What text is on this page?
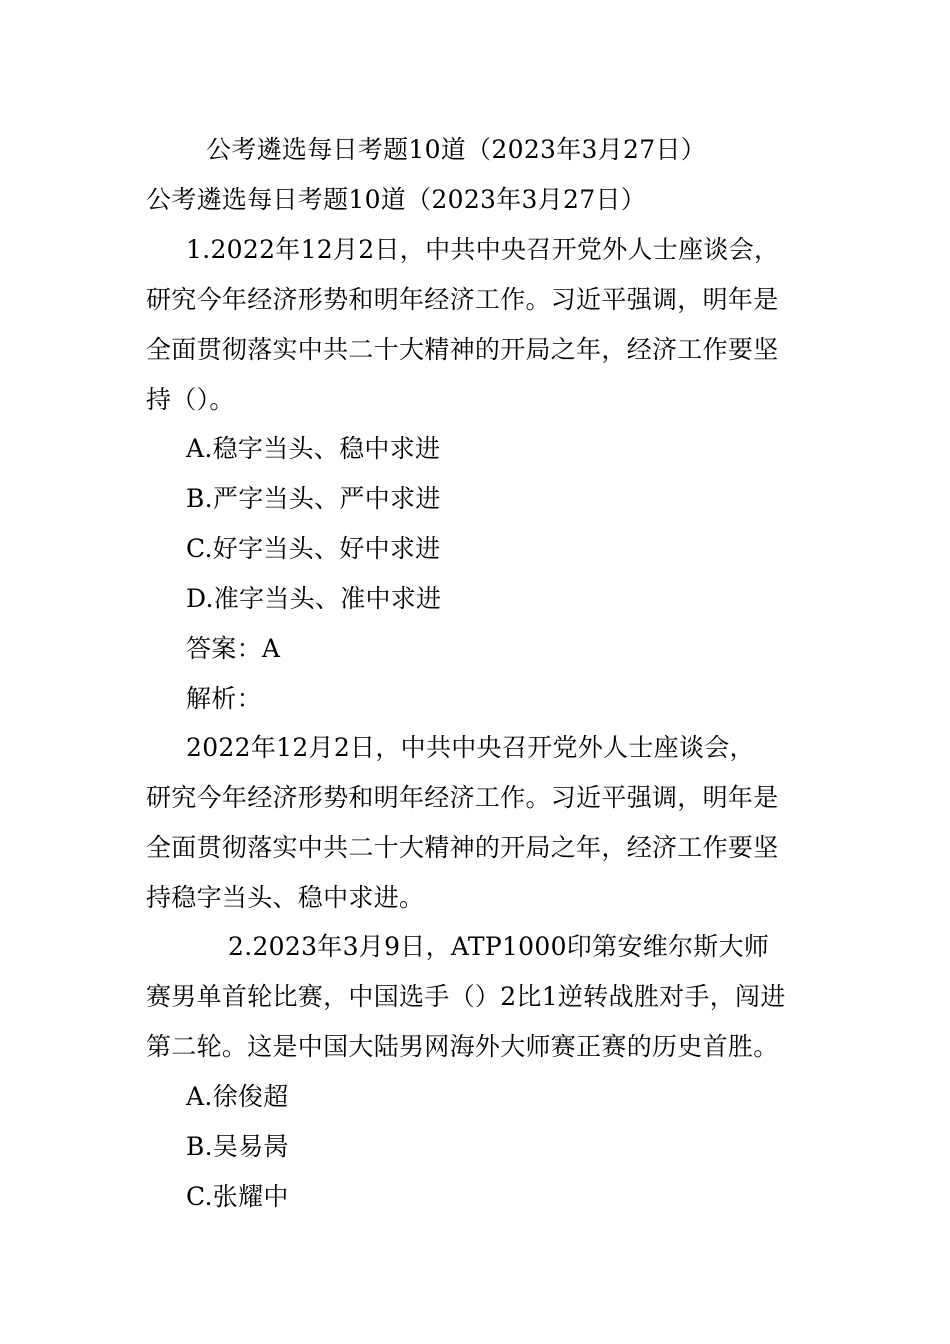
公考遴选每日考题10道（2023年3月27日）
公考遴选每日考题10道（2023年3月27日）
1.2022年12月2日，中共中央召开党外人士座谈会，
研究今年经济形势和明年经济工作。习近平强调，明年是
全面贯彻落实中共二十大精神的开局之年，经济工作要坚
持（）。
A.稳字当头、稳中求进
B.严字当头、严中求进
C.好字当头、好中求进
D.准字当头、准中求进
答案：A
解析：
2022年12月2日，中共中央召开党外人士座谈会，
研究今年经济形势和明年经济工作。习近平强调，明年是
全面贯彻落实中共二十大精神的开局之年，经济工作要坚
持稳字当头、稳中求进。
2.2023年3月9日，ATP1000印第安维尔斯大师
赛男单首轮比赛，中国选手（）2比1逆转战胜对手，闯进
第二轮。这是中国大陆男网海外大师赛正赛的历史首胜。
A.徐俊超
B.吴易昺
C.张耀中
